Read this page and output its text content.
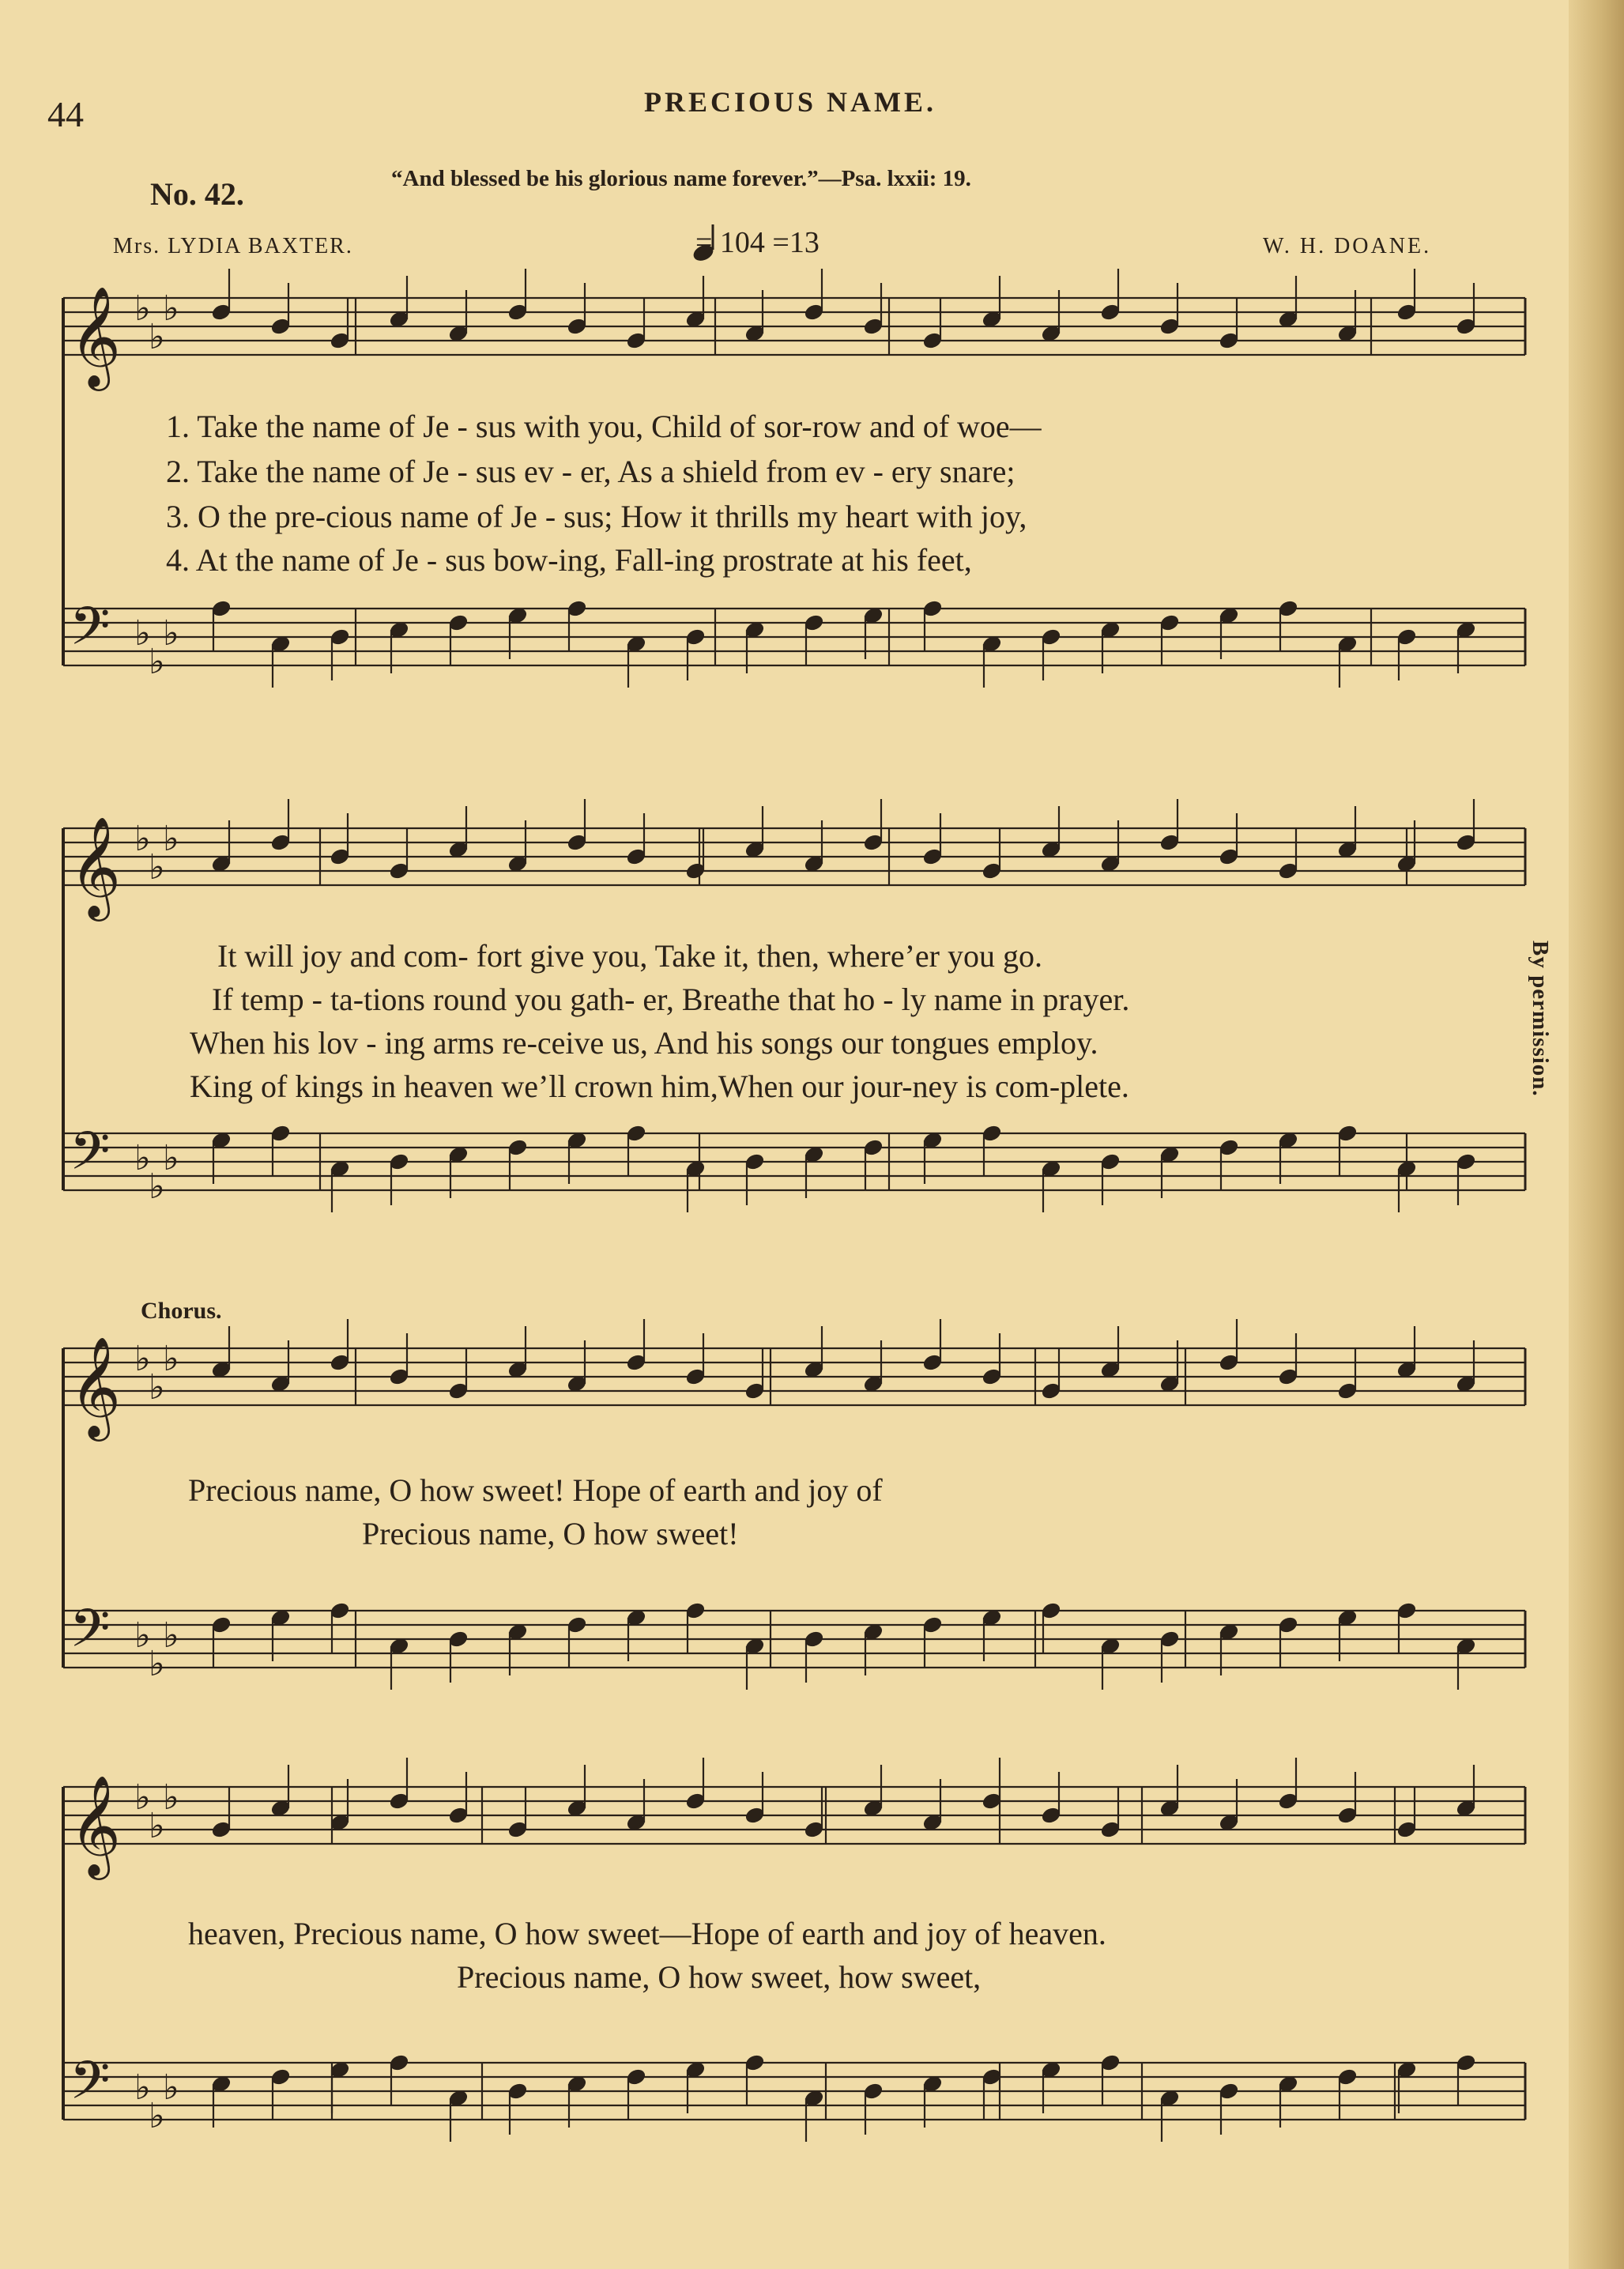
𝄞 ♭
♭
♭
𝄢 ♭
♭
♭
𝄞 ♭
♭
♭
𝄢 ♭
♭
♭
𝄞 ♭
♭
♭
𝄢 ♭
♭
♭
𝄞 ♭
♭
♭
𝄢 ♭
♭
♭
44	PRECIOUS NAME.
No. 42.	“And blessed be his glorious name forever.”—Psa. lxxii: 19.
Mrs. LYDIA BAXTER.	= 104 =13	W. H. DOANE.
By permission.
Chorus.
1. Take the name of Je - sus with you, Child of sor-row and of woe—
2. Take the name of Je - sus ev - er, As a shield from ev - ery snare;
3. O the pre-cious name of Je - sus; How it thrills my heart with joy,
4. At the name of Je - sus bow-ing, Fall-ing prostrate at his feet,
It will joy and com- fort give you, Take it, then, where’er you go.
If temp - ta-tions round you gath- er, Breathe that ho - ly name in prayer.
When his lov - ing arms re-ceive us, And his songs our tongues employ.
King of kings in heaven we’ll crown him,When our jour-ney is com-plete.
Precious name, O how sweet! Hope of earth and joy of
Precious name, O how sweet!
heaven, Precious name, O how sweet—Hope of earth and joy of heaven.
Precious name, O how sweet, how sweet,
